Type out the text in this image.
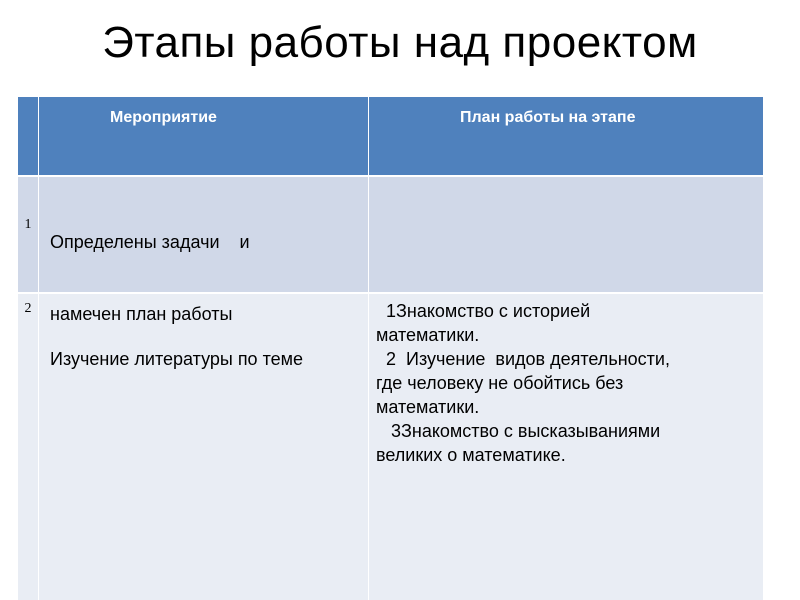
Этапы работы над проектом
Мероприятие	План работы на этапе
1

Определены задачи    и

намечен план работы

2

Изучение литературы по теме

1Знакомство с историей
математики.
2  Изучение  видов деятельности,
где человеку не обойтись без
математики.
3Знакомство с высказываниями
великих о математике.
